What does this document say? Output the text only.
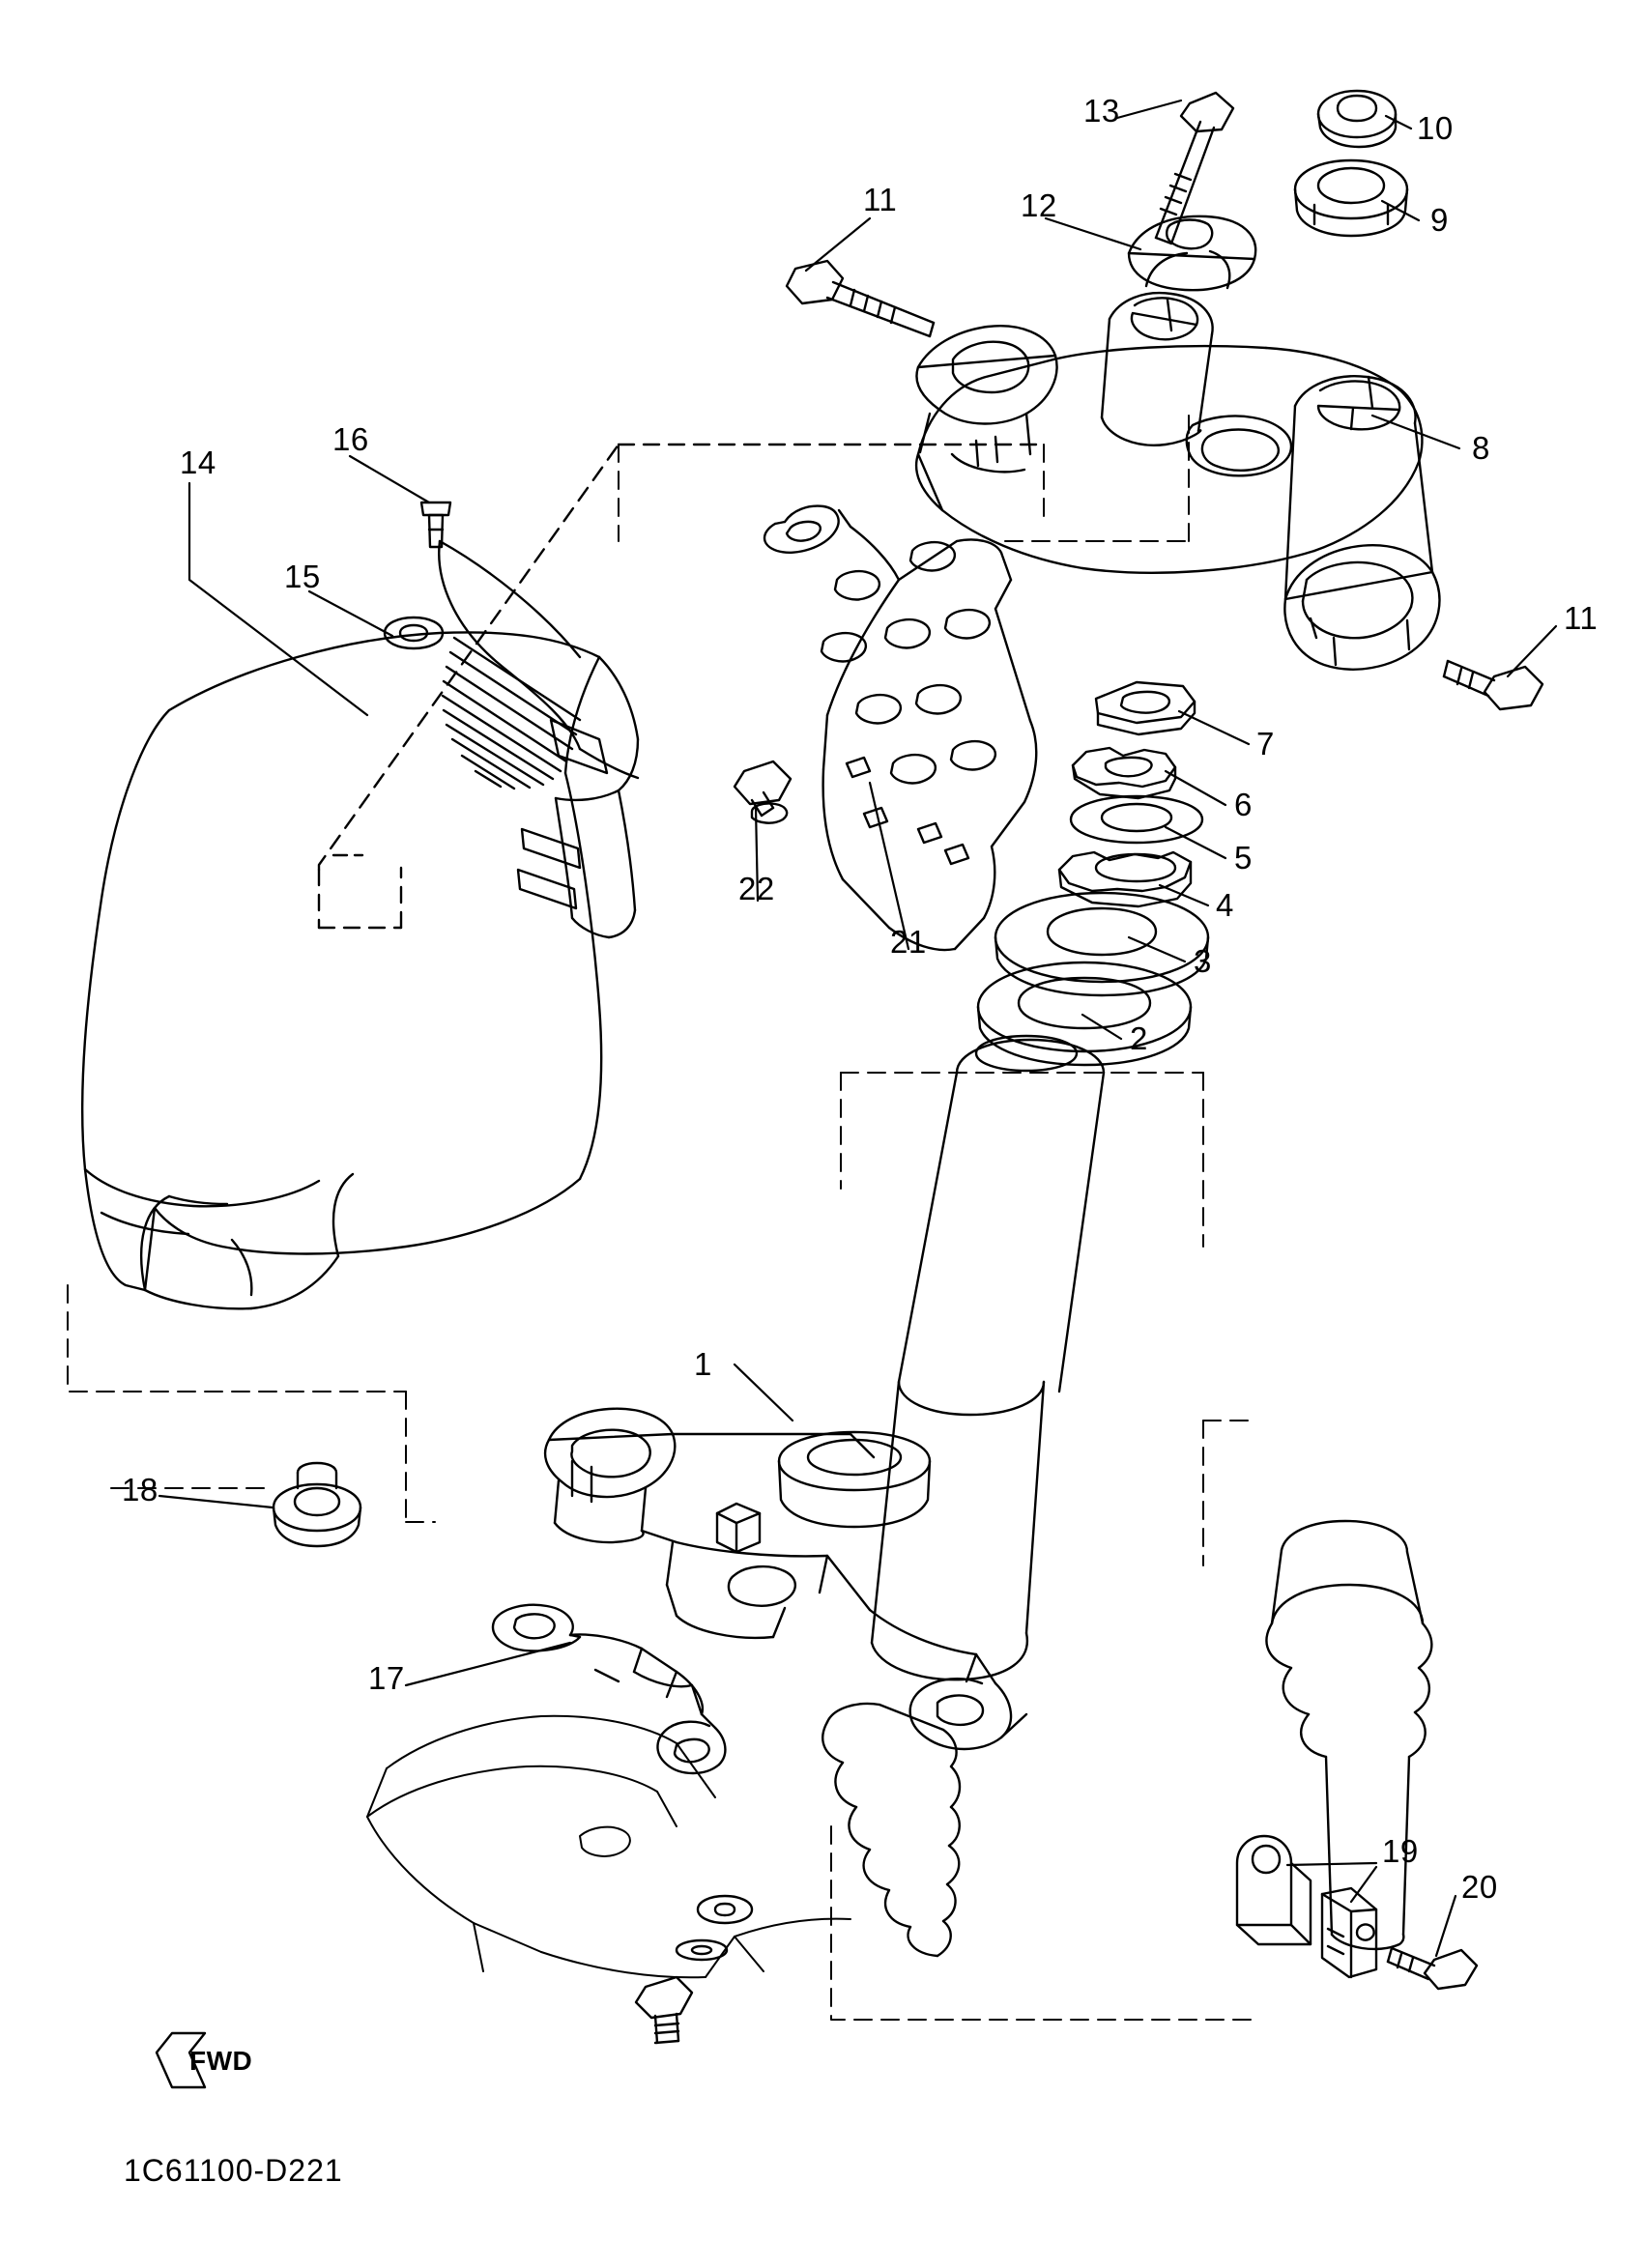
1
2
3
4
5
6
7
8
9
10
11
11
12
13
14
15
16
17
18
19
20
21
22
FWD
1C61100-D221
